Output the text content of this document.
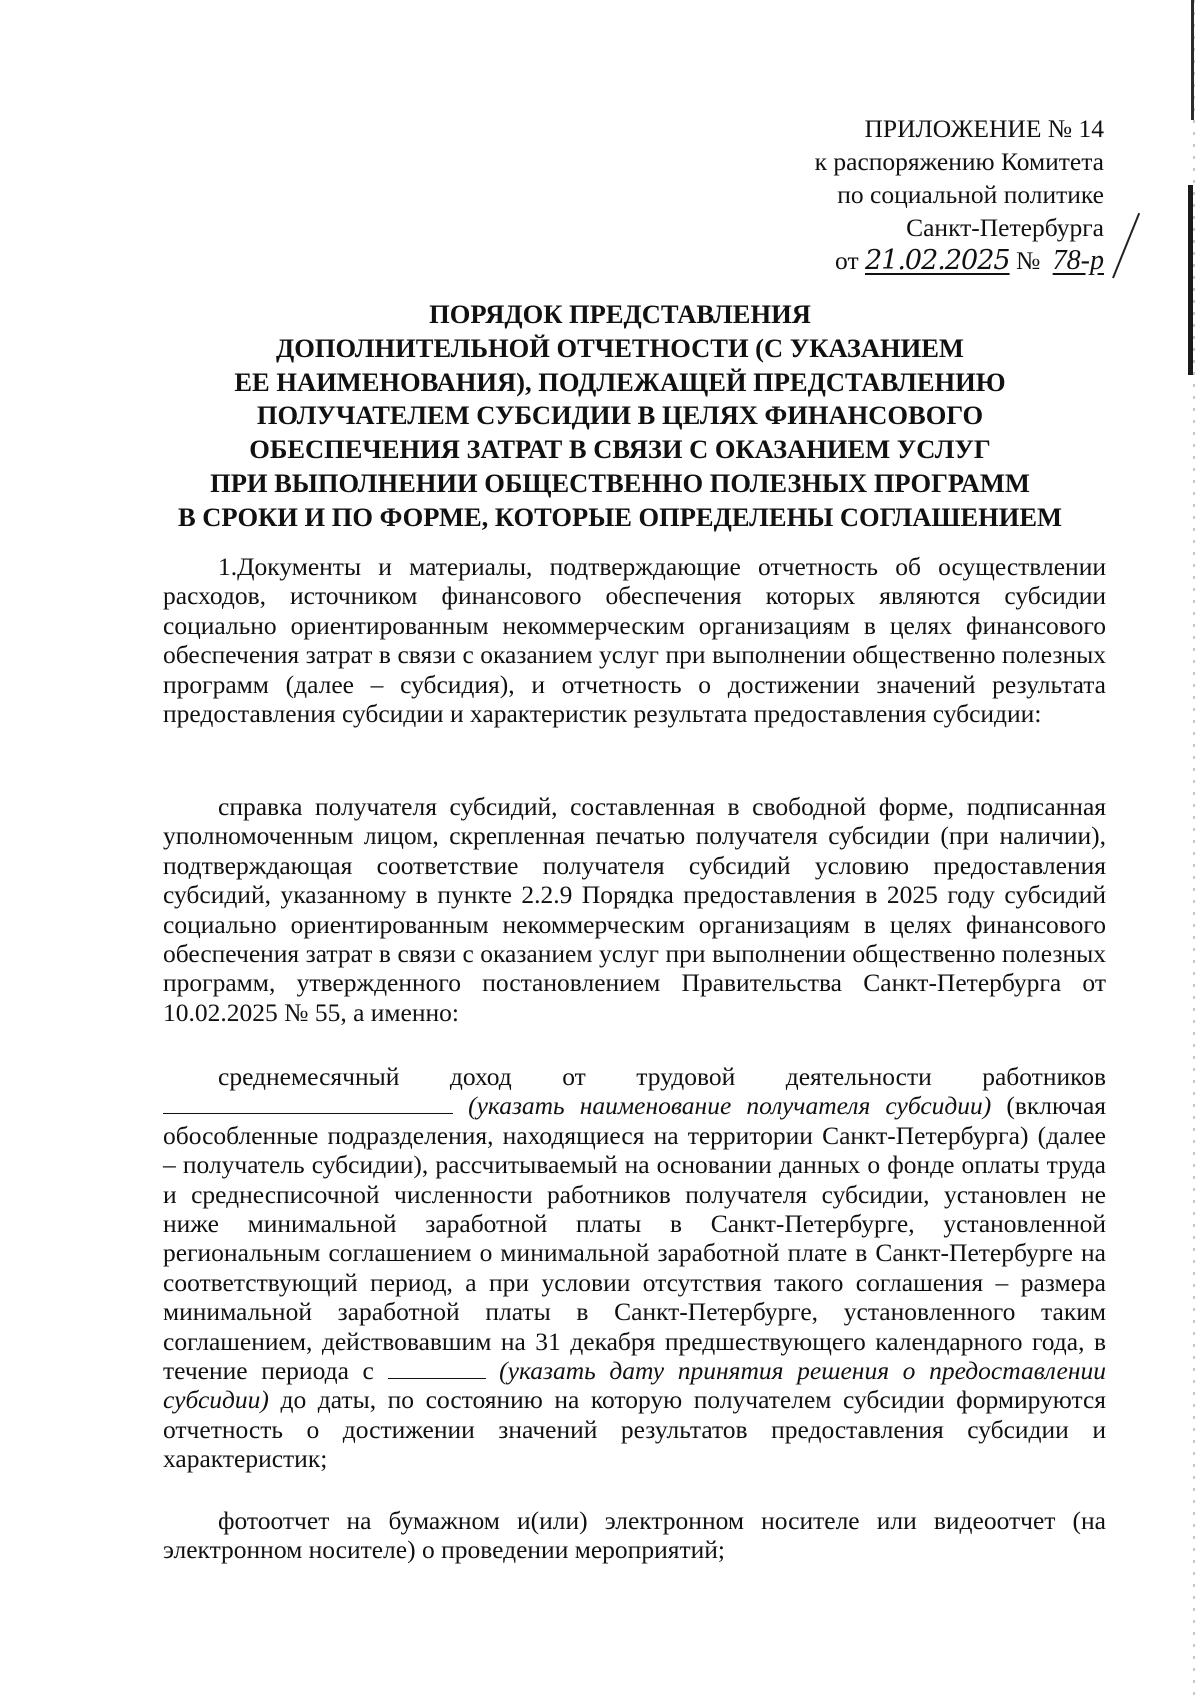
ПРИЛОЖЕНИЕ № 14
к распоряжению Комитета
по социальной политике
Санкт-Петербурга
от 21.02.2025 № 78-р
ПОРЯДОК ПРЕДСТАВЛЕНИЯ
ДОПОЛНИТЕЛЬНОЙ ОТЧЕТНОСТИ (С УКАЗАНИЕМ
ЕЕ НАИМЕНОВАНИЯ), ПОДЛЕЖАЩЕЙ ПРЕДСТАВЛЕНИЮ
ПОЛУЧАТЕЛЕМ СУБСИДИИ В ЦЕЛЯХ ФИНАНСОВОГО
ОБЕСПЕЧЕНИЯ ЗАТРАТ В СВЯЗИ С ОКАЗАНИЕМ УСЛУГ
ПРИ ВЫПОЛНЕНИИ ОБЩЕСТВЕННО ПОЛЕЗНЫХ ПРОГРАММ
В СРОКИ И ПО ФОРМЕ, КОТОРЫЕ ОПРЕДЕЛЕНЫ СОГЛАШЕНИЕМ

1.Документы и материалы, подтверждающие отчетность об осуществлении расходов, источником финансового обеспечения которых являются субсидии социально ориентированным некоммерческим организациям в целях финансового обеспечения затрат в связи с оказанием услуг при выполнении общественно полезных программ (далее – субсидия), и отчетность о достижении значений результата предоставления субсидии и характеристик результата предоставления субсидии:

справка получателя субсидий, составленная в свободной форме, подписанная уполномоченным лицом, скрепленная печатью получателя субсидии (при наличии), подтверждающая соответствие получателя субсидий условию предоставления субсидий, указанному в пункте 2.2.9 Порядка предоставления в 2025 году субсидий социально ориентированным некоммерческим организациям в целях финансового обеспечения затрат в связи с оказанием услуг при выполнении общественно полезных программ, утвержденного постановлением Правительства Санкт-Петербурга от 10.02.2025 № 55, а именно:

среднемесячный доход от трудовой деятельности работников  (указать наименование получателя субсидии) (включая обособленные подразделения, находящиеся на территории Санкт-Петербурга) (далее – получатель субсидии), рассчитываемый на основании данных о фонде оплаты труда и среднесписочной численности работников получателя субсидии, установлен не ниже минимальной заработной платы в Санкт-Петербурге, установленной региональным соглашением о минимальной заработной плате в Санкт-Петербурге на соответствующий период, а при условии отсутствия такого соглашения – размера минимальной заработной платы в Санкт-Петербурге, установленного таким соглашением, действовавшим на 31 декабря предшествующего календарного года, в течение периода с	(указать дату принятия решения о предоставлении субсидии) до даты, по состоянию на которую получателем субсидии формируются отчетность о достижении значений результатов предоставления субсидии и характеристик;

фотоотчет на бумажном и(или) электронном носителе или видеоотчет (на электронном носителе) о проведении мероприятий;
